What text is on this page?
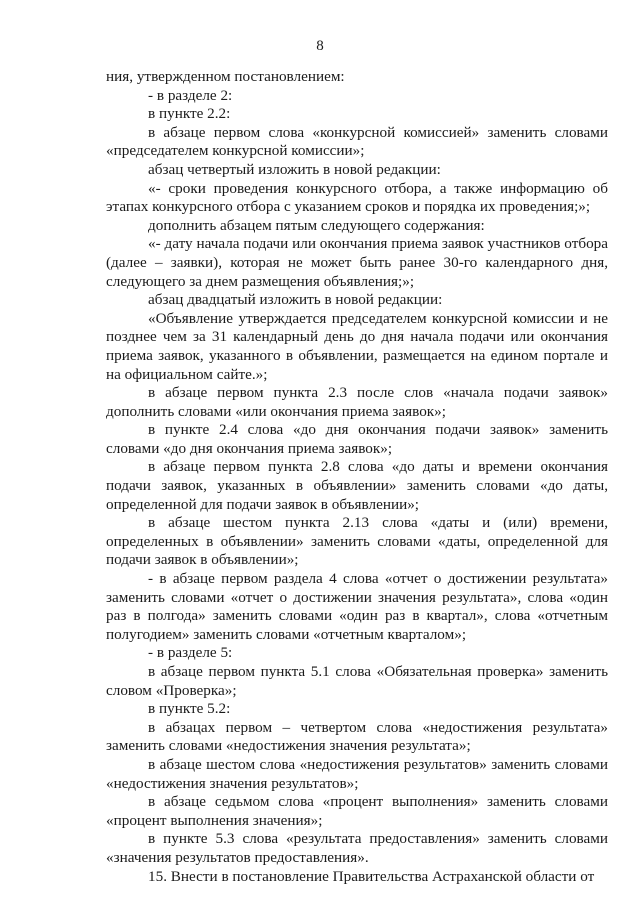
8

ния, утвержденном постановлением:

- в разделе 2:

в пункте 2.2:

в абзаце первом слова «конкурсной комиссией» заменить словами «председателем конкурсной комиссии»;

абзац четвертый изложить в новой редакции:

«- сроки проведения конкурсного отбора, а также информацию об этапах конкурсного отбора с указанием сроков и порядка их проведения;»;

дополнить абзацем пятым следующего содержания:

«- дату начала подачи или окончания приема заявок участников отбора (далее – заявки), которая не может быть ранее 30-го календарного дня, следующего за днем размещения объявления;»;

абзац двадцатый изложить в новой редакции:

«Объявление утверждается председателем конкурсной комиссии и не позднее чем за 31 календарный день до дня начала подачи или окончания приема заявок, указанного в объявлении, размещается на едином портале и на официальном сайте.»;

в абзаце первом пункта 2.3 после слов «начала подачи заявок» дополнить словами «или окончания приема заявок»;

в пункте 2.4 слова «до дня окончания подачи заявок» заменить словами «до дня окончания приема заявок»;

в абзаце первом пункта 2.8 слова «до даты и времени окончания подачи заявок, указанных в объявлении» заменить словами «до даты, определенной для подачи заявок в объявлении»;

в абзаце шестом пункта 2.13 слова «даты и (или) времени, определенных в объявлении» заменить словами «даты, определенной для подачи заявок в объявлении»;

- в абзаце первом раздела 4 слова «отчет о достижении результата» заменить словами «отчет о достижении значения результата», слова «один раз в полгода» заменить словами «один раз в квартал», слова «отчетным полугодием» заменить словами «отчетным кварталом»;

- в разделе 5:

в абзаце первом пункта 5.1 слова «Обязательная проверка» заменить словом «Проверка»;

в пункте 5.2:

в абзацах первом – четвертом слова «недостижения результата» заменить словами «недостижения значения результата»;

в абзаце шестом слова «недостижения результатов» заменить словами «недостижения значения результатов»;

в абзаце седьмом слова «процент выполнения» заменить словами «процент выполнения значения»;

в пункте 5.3 слова «результата предоставления» заменить словами «значения результатов предоставления».

15. Внести в постановление Правительства Астраханской области от
